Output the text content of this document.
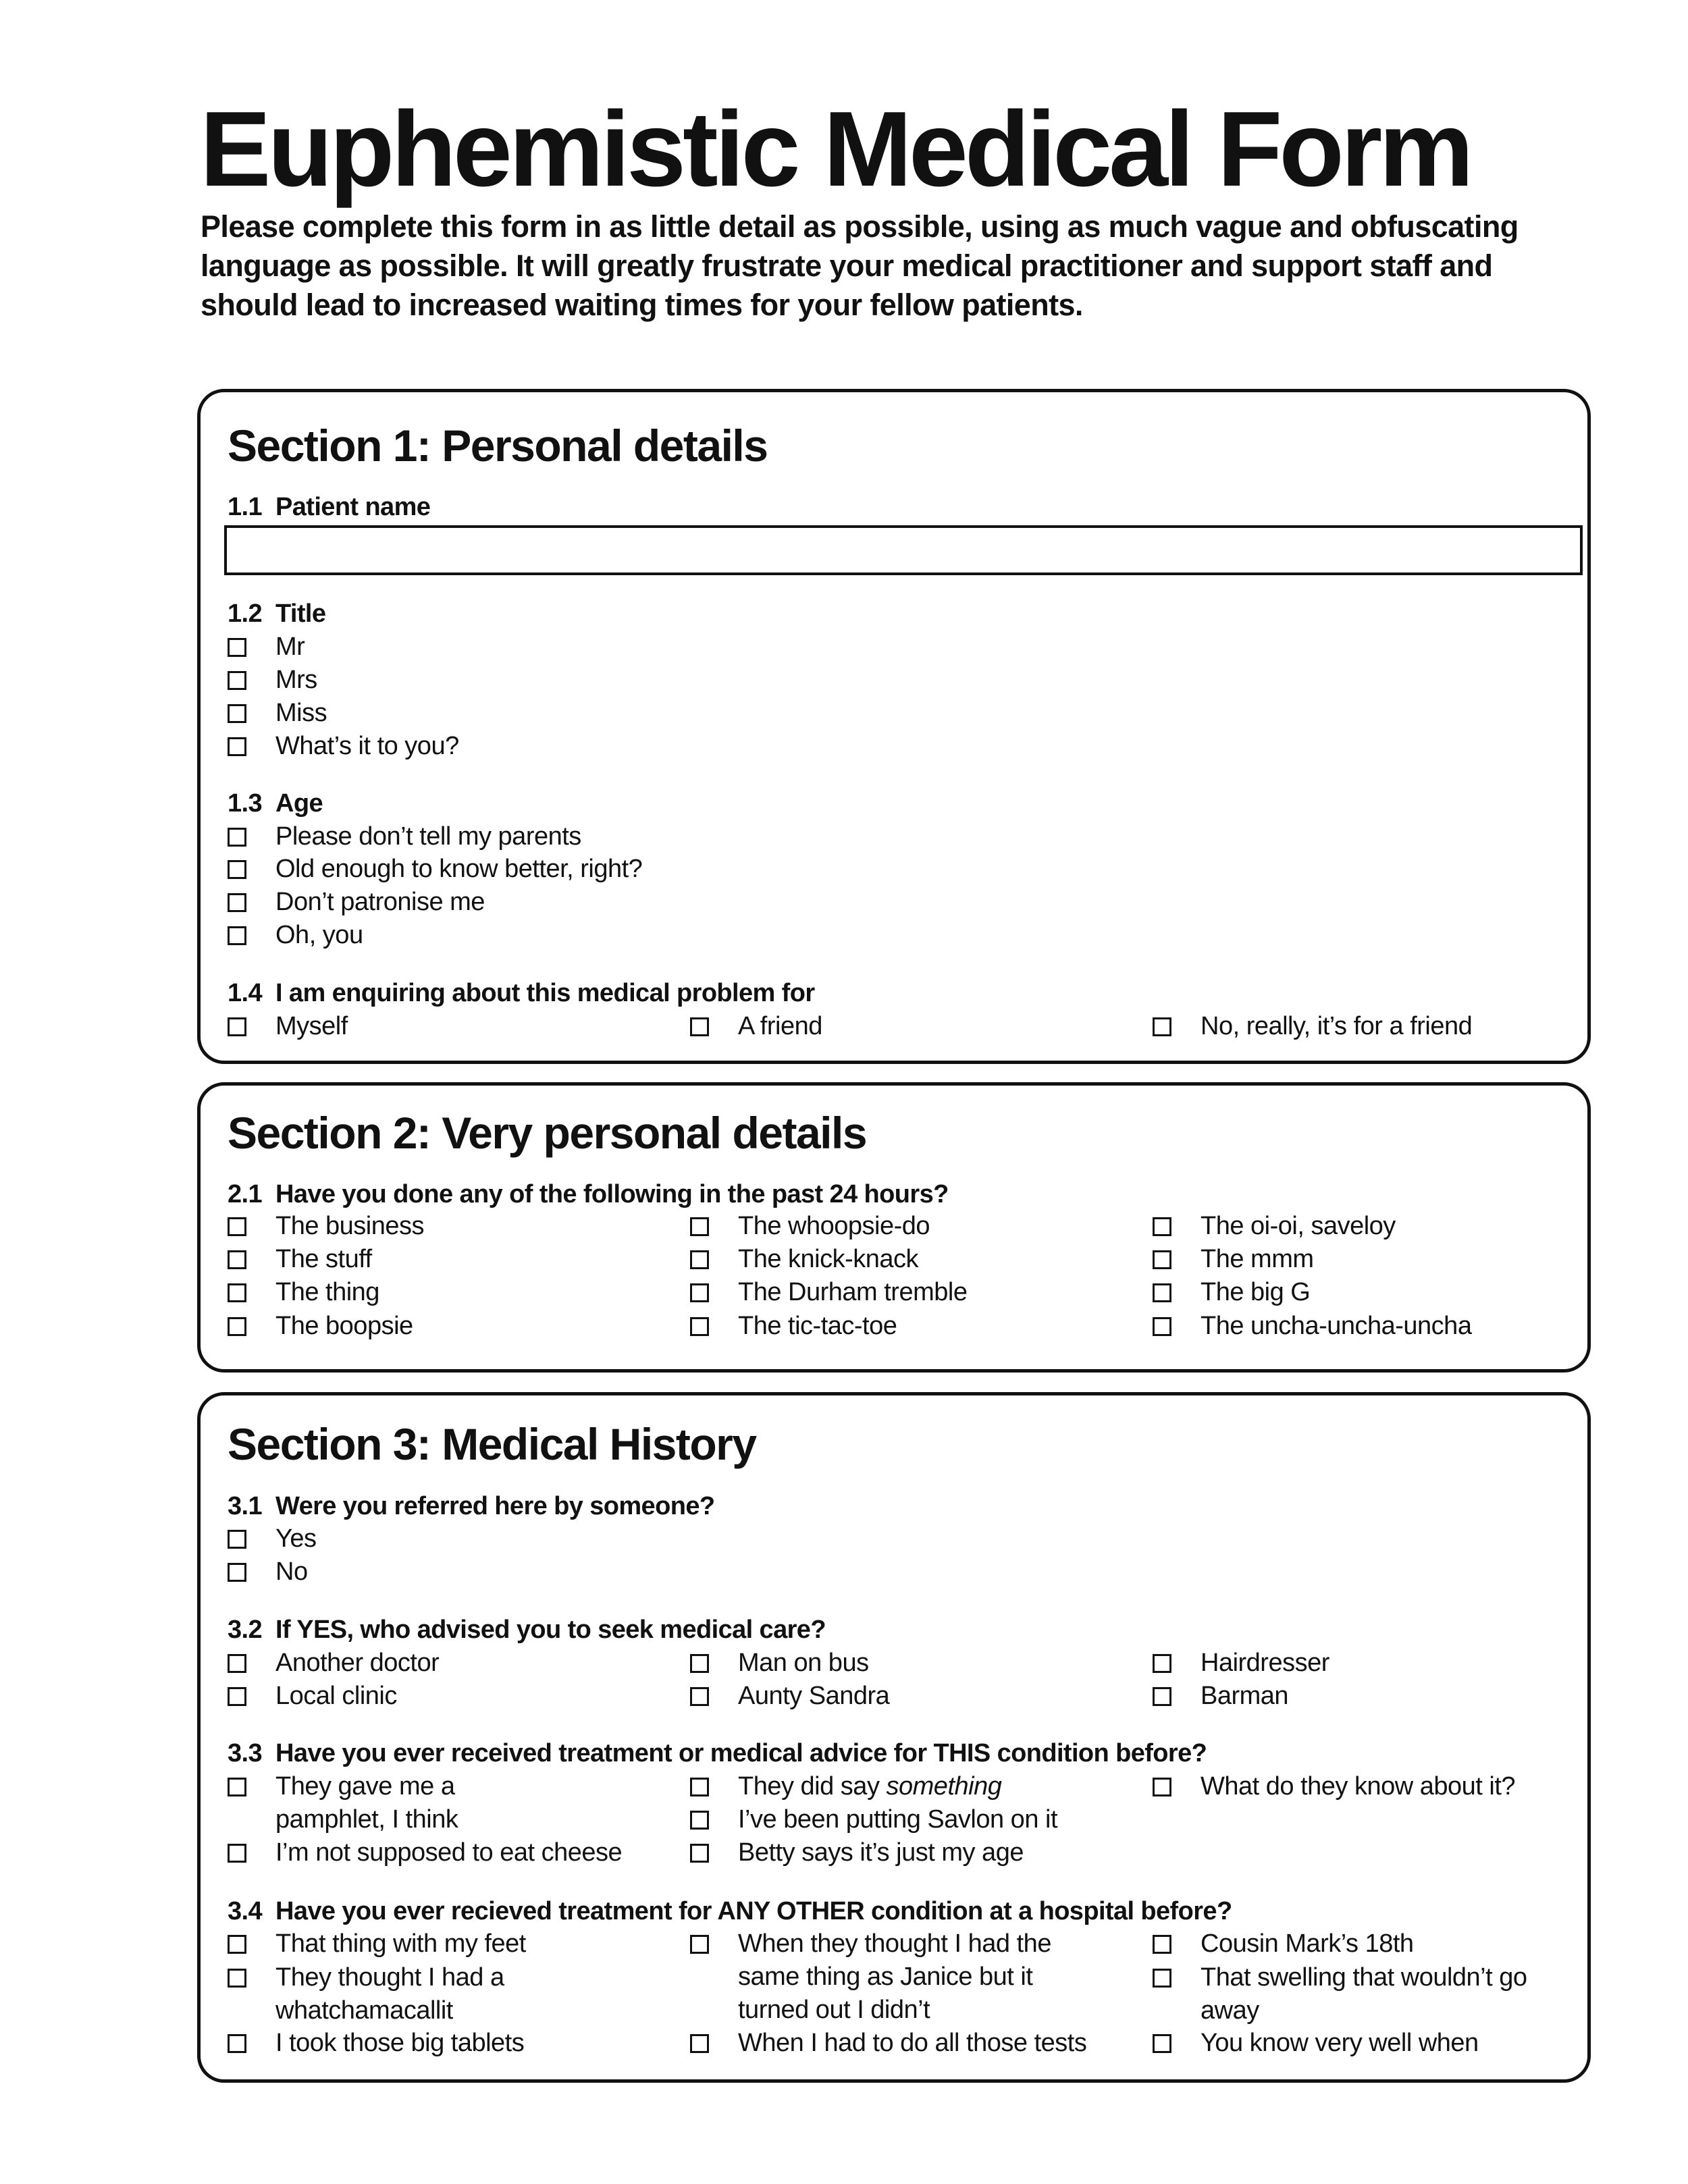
Euphemistic Medical Form
Please complete this form in as little detail as possible, using as much vague and obfuscating
language as possible. It will greatly frustrate your medical practitioner and support staff and
should lead to increased waiting times for your fellow patients.
Section 1: Personal details
Section 2: Very personal details
Section 3: Medical History
1.1 Patient name
1.2 Title
Mr
Mrs
Miss
What’s it to you?
1.3 Age
Please don’t tell my parents
Old enough to know better, right?
Don’t patronise me
Oh, you
1.4 I am enquiring about this medical problem for
Myself	A friend	No, really, it’s for a friend
2.1 Have you done any of the following in the past 24 hours?
The business
The stuff
The thing
The boopsie
The whoopsie-do
The knick-knack
The Durham tremble
The tic-tac-toe
The oi-oi, saveloy
The mmm
The big G
The uncha-uncha-uncha
3.1 Were you referred here by someone?
Yes
No
3.2 If YES, who advised you to seek medical care?
Another doctor
Local clinic
Man on bus
Aunty Sandra
Hairdresser
Barman
3.3 Have you ever received treatment or medical advice for THIS condition before?
They gave me a pamphlet, I think
I’m not supposed to eat cheese
They did say something
I’ve been putting Savlon on it
Betty says it’s just my age
What do they know about it?
3.4 Have you ever recieved treatment for ANY OTHER condition at a hospital before?
That thing with my feet
They thought I had a whatchamacallit
I took those big tablets
When they thought I had the same thing as Janice but it turned out I didn’t
When I had to do all those tests
Cousin Mark’s 18th
That swelling that wouldn’t go away
You know very well when
